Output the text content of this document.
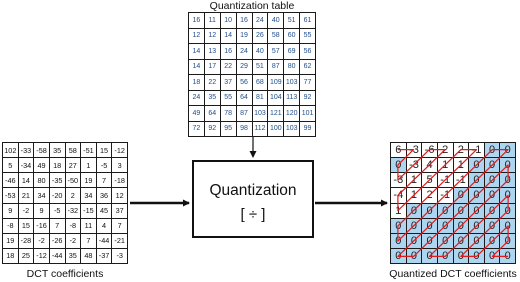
Quantization table
16	11	10	16	24	40	51	61
12	12	14	19	26	58	60	55
14	13	16	24	40	57	69	56
14	17	22	29	51	87	80	62
18	22	37	56	68	109	103	77
24	35	55	64	81	104	113	92
49	64	78	87	103	121	120	101
72	92	95	98	112	100	103	99
102	-33	-58	35	58	-51	15	-12
5	-34	49	18	27	1	-5	3
-46	14	80	-35	-50	19	7	-18
-53	21	34	-20	2	34	36	12
9	-2	9	-5	-32	-15	45	37
-8	15	-16	7	-8	11	4	7
19	-28	-2	-26	-2	7	-44	-21
18	25	-12	-44	35	48	-37	-3
DCT coefficients
Quantization
[ ÷ ]
6	-3	-6	2	2	-1	0	0
0	-3	4	1	1	0	0	0
-3	1	5	-1	-1	0	0	0
-4	1	2	-1	0	0	0	0
1	0	0	0	0	0	0	0
0	0	0	0	0	0	0	0
0	0	0	0	0	0	0	0
0	0	0	0	0	0	0	0
Quantized DCT coefficients
